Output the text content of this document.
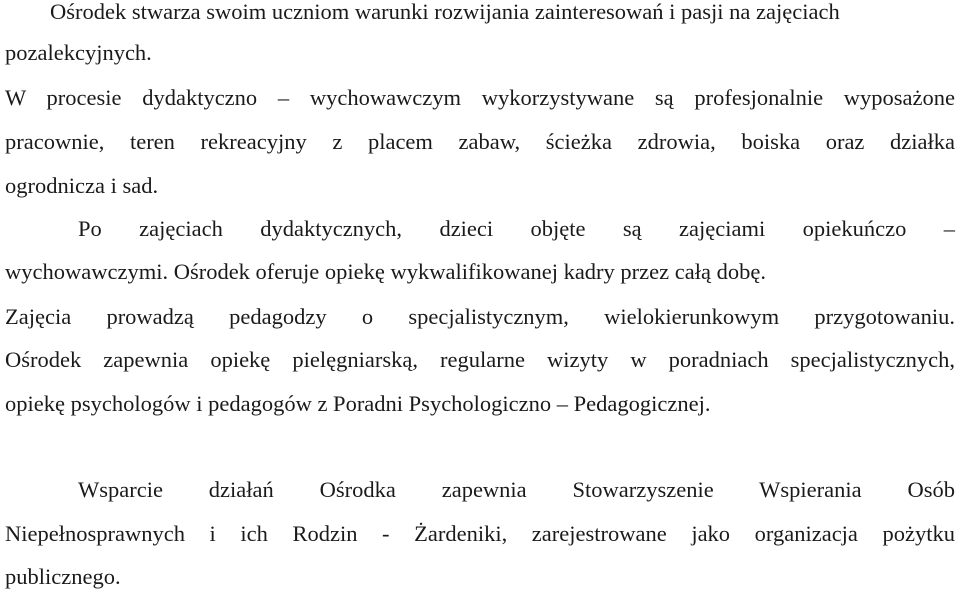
Ośrodek stwarza swoim uczniom warunki rozwijania zainteresowań i pasji na zajęciach
pozalekcyjnych.
W procesie dydaktyczno – wychowawczym wykorzystywane są profesjonalnie wyposażone
pracownie, teren rekreacyjny z placem zabaw, ścieżka zdrowia, boiska oraz działka
ogrodnicza i sad.
Po zajęciach dydaktycznych, dzieci objęte są zajęciami opiekuńczo –
wychowawczymi. Ośrodek oferuje opiekę wykwalifikowanej kadry przez całą dobę.
Zajęcia prowadzą pedagodzy o specjalistycznym, wielokierunkowym przygotowaniu.
Ośrodek zapewnia opiekę pielęgniarską, regularne wizyty w poradniach specjalistycznych,
opiekę psychologów i pedagogów z Poradni Psychologiczno – Pedagogicznej.
Wsparcie działań Ośrodka zapewnia Stowarzyszenie Wspierania Osób
Niepełnosprawnych i ich Rodzin - Żardeniki, zarejestrowane jako organizacja pożytku
publicznego.
